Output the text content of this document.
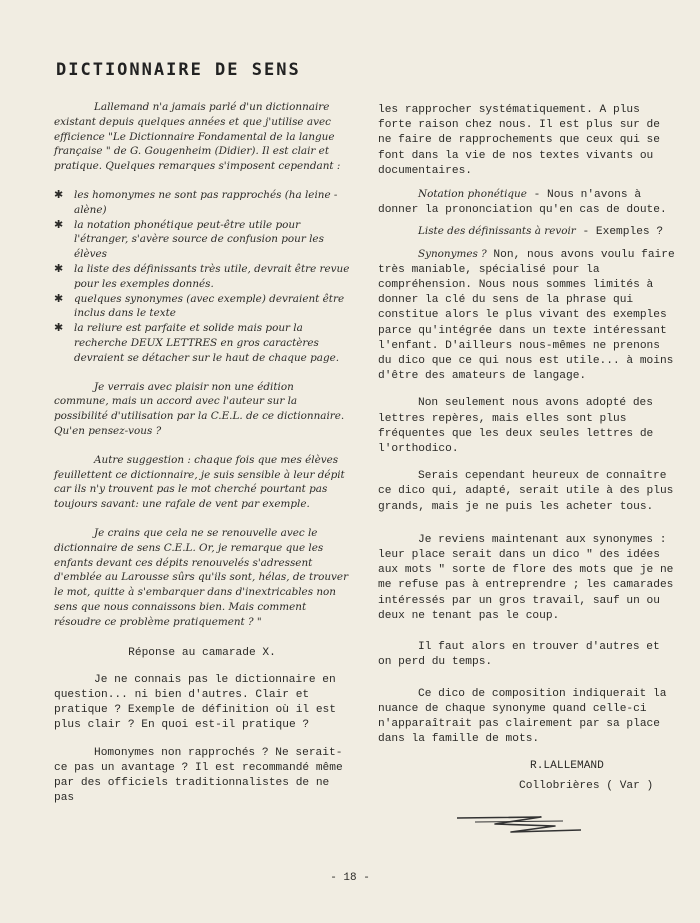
DICTIONNAIRE DE SENS

Lallemand n'a jamais parlé d'un dictionnaire existant depuis quelques années et que j'utilise avec efficience "Le Dictionnaire Fondamental de la langue française " de G. Gougenheim (Didier). Il est clair et pratique. Quelques remarques s'imposent cependant :

✱ les homonymes ne sont pas rapprochés (ha leine - alène)
✱ la notation phonétique peut-être utile pour l'étranger, s'avère source de confusion pour les élèves
✱ la liste des définissants très utile, devrait être revue pour les exemples donnés.
✱ quelques synonymes (avec exemple) devraient être inclus dans le texte
✱ la reliure est parfaite et solide mais pour la recherche DEUX LETTRES en gros caractères devraient se détacher sur le haut de chaque page.

Je verrais avec plaisir non une édition commune, mais un accord avec l'auteur sur la possibilité d'utilisation par la C.E.L. de ce dictionnaire. Qu'en pensez-vous ?

Autre suggestion : chaque fois que mes élèves feuillettent ce dictionnaire, je suis sensible à leur dépit car ils n'y trouvent pas le mot cherché pourtant pas toujours savant: une rafale de vent par exemple.

Je crains que cela ne se renouvelle avec le dictionnaire de sens C.E.L. Or, je remarque que les enfants devant ces dépits renouvelés s'adressent d'emblée au Larousse sûrs qu'ils sont, hélas, de trouver le mot, quitte à s'embarquer dans d'inextricables non sens que nous connaissons bien. Mais comment résoudre ce problème pratiquement ? "

Réponse au camarade X.

Je ne connais pas le dictionnaire en question... ni bien d'autres. Clair et pratique ? Exemple de définition où il est plus clair ? En quoi est-il pratique ?

Homonymes non rapprochés ? Ne serait-ce pas un avantage ? Il est recommandé même par des officiels traditionnalistes de ne pas

les rapprocher systématiquement. A plus forte raison chez nous. Il est plus sur de ne faire de rapprochements que ceux qui se font dans la vie de nos textes vivants ou documentaires.

Notation phonétique - Nous n'avons à donner la prononciation qu'en cas de doute.

Liste des définissants à revoir - Exemples ?

Synonymes ? Non, nous avons voulu faire très maniable, spécialisé pour la compréhension. Nous nous sommes limités à donner la clé du sens de la phrase qui constitue alors le plus vivant des exemples parce qu'intégrée dans un texte intéressant l'enfant. D'ailleurs nous-mêmes ne prenons du dico que ce qui nous est utile... à moins d'être des amateurs de langage.

Non seulement nous avons adopté des lettres repères, mais elles sont plus fréquentes que les deux seules lettres de l'orthodico.

Serais cependant heureux de connaître ce dico qui, adapté, serait utile à des plus grands, mais je ne puis les acheter tous.

Je reviens maintenant aux synonymes : leur place serait dans un dico " des idées aux mots " sorte de flore des mots que je ne me refuse pas à entreprendre ; les camarades intéressés par un gros travail, sauf un ou deux ne tenant pas le coup.

Il faut alors en trouver d'autres et on perd du temps.

Ce dico de composition indiquerait la nuance de chaque synonyme quand celle-ci n'apparaîtrait pas clairement par sa place dans la famille de mots.

R.LALLEMAND
Collobrières ( Var )
- 18 -
